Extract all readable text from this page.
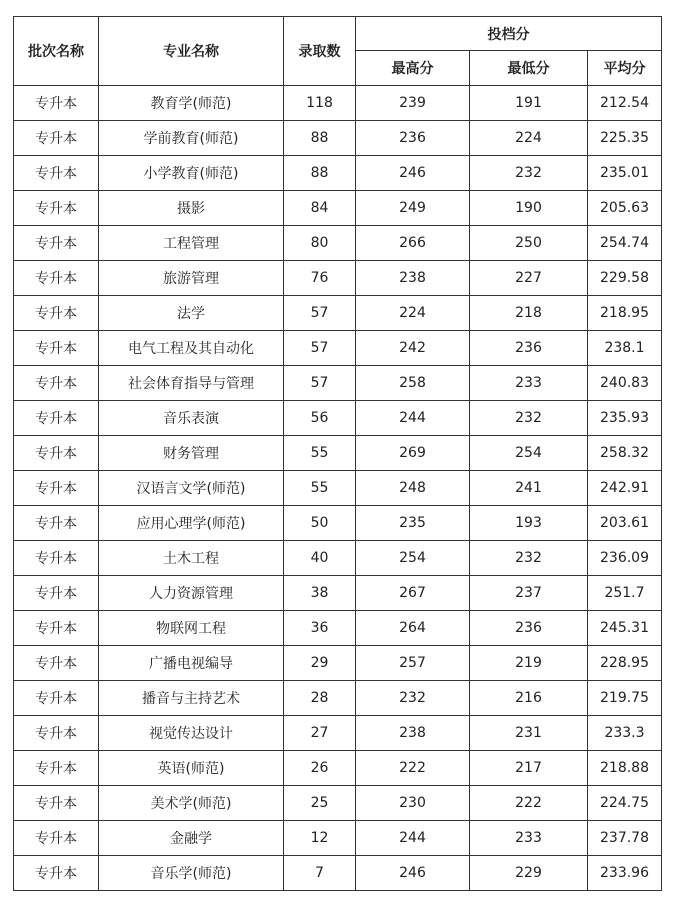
批次名称	专业名称	录取数	投档分		
			最高分	最低分	平均分
专升本	教育学(师范)	118	239	191	212.54
专升本	学前教育(师范)	88	236	224	225.35
专升本	小学教育(师范)	88	246	232	235.01
专升本	摄影	84	249	190	205.63
专升本	工程管理	80	266	250	254.74
专升本	旅游管理	76	238	227	229.58
专升本	法学	57	224	218	218.95
专升本	电气工程及其自动化	57	242	236	238.1
专升本	社会体育指导与管理	57	258	233	240.83
专升本	音乐表演	56	244	232	235.93
专升本	财务管理	55	269	254	258.32
专升本	汉语言文学(师范)	55	248	241	242.91
专升本	应用心理学(师范)	50	235	193	203.61
专升本	土木工程	40	254	232	236.09
专升本	人力资源管理	38	267	237	251.7
专升本	物联网工程	36	264	236	245.31
专升本	广播电视编导	29	257	219	228.95
专升本	播音与主持艺术	28	232	216	219.75
专升本	视觉传达设计	27	238	231	233.3
专升本	英语(师范)	26	222	217	218.88
专升本	美术学(师范)	25	230	222	224.75
专升本	金融学	12	244	233	237.78
专升本	音乐学(师范)	7	246	229	233.96
